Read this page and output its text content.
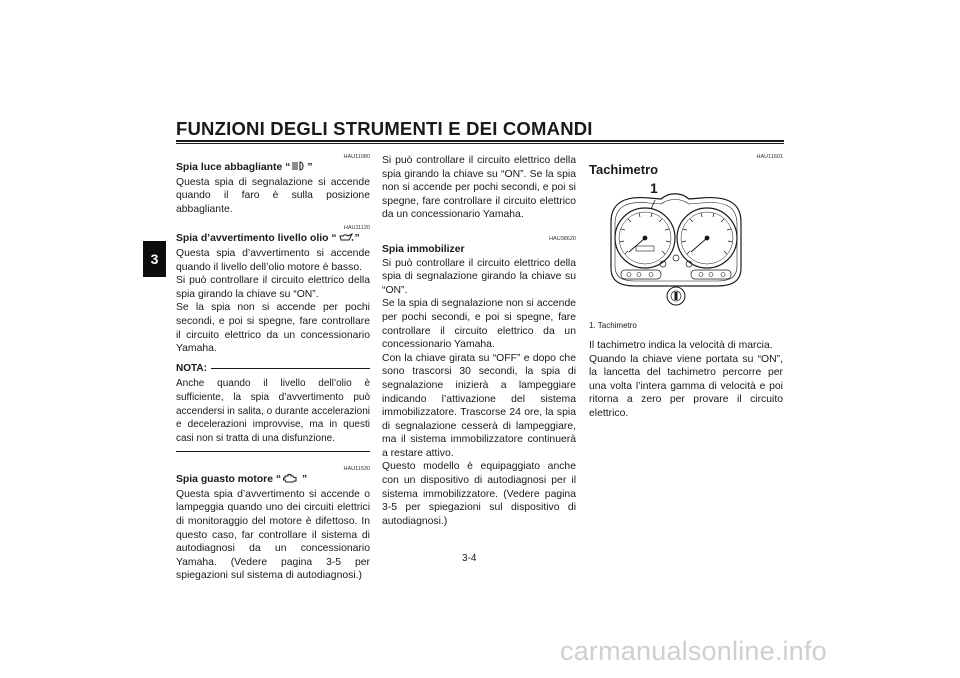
FUNZIONI DEGLI STRUMENTI E DEI COMANDI
3
HAU11080
Spia luce abbagliante “ ”

Questa spia di segnalazione si accende quando il faro è sulla posizione abbagliante.

HAU11120
Spia d’avvertimento livello olio “ ”

Questa spia d’avvertimento si accende quando il livello dell’olio motore è basso.

Si può controllare il circuito elettrico della spia girando la chiave su “ON”.

Se la spia non si accende per pochi secondi, e poi si spegne, fare controllare il circuito elettrico da un concessionario Yamaha.

NOTA:
Anche quando il livello dell’olio è sufficiente, la spia d’avvertimento può accendersi in salita, o durante accelerazioni e decelerazioni improvvise, ma in questi casi non si tratta di una disfunzione.
HAU11530
Spia guasto motore “ ”

Questa spia d’avvertimento si accende o lampeggia quando uno dei circuiti elettrici di monitoraggio del motore è difettoso. In questo caso, far controllare il sistema di autodiagnosi da un concessionario Yamaha. (Vedere pagina 3-5 per spiegazioni sul sistema di autodiagnosi.)

Si può controllare il circuito elettrico della spia girando la chiave su “ON”. Se la spia non si accende per pochi secondi, e poi si spegne, fare controllare il circuito elettrico da un concessionario Yamaha.

HAU38620
Spia immobilizer

Si può controllare il circuito elettrico della spia di segnalazione girando la chiave su “ON”.

Se la spia di segnalazione non si accende per pochi secondi, e poi si spegne, fare controllare il circuito elettrico da un concessionario Yamaha.

Con la chiave girata su “OFF” e dopo che sono trascorsi 30 secondi, la spia di segnalazione inizierà a lampeggiare indicando l’attivazione del sistema immobilizzatore. Trascorse 24 ore, la spia di segnalazione cesserà di lampeggiare, ma il sistema immobilizzatore continuerà a restare attivo.

Questo modello è equipaggiato anche con un dispositivo di autodiagnosi per il sistema immobilizzatore. (Vedere pagina 3-5 per spiegazioni sul dispositivo di autodiagnosi.)

HAU11601
Tachimetro
1
1. Tachimetro

Il tachimetro indica la velocità di marcia.

Quando la chiave viene portata su “ON”, la lancetta del tachimetro percorre per una volta l’intera gamma di velocità e poi ritorna a zero per provare il circuito elettrico.

3-4
carmanualsonline.info
